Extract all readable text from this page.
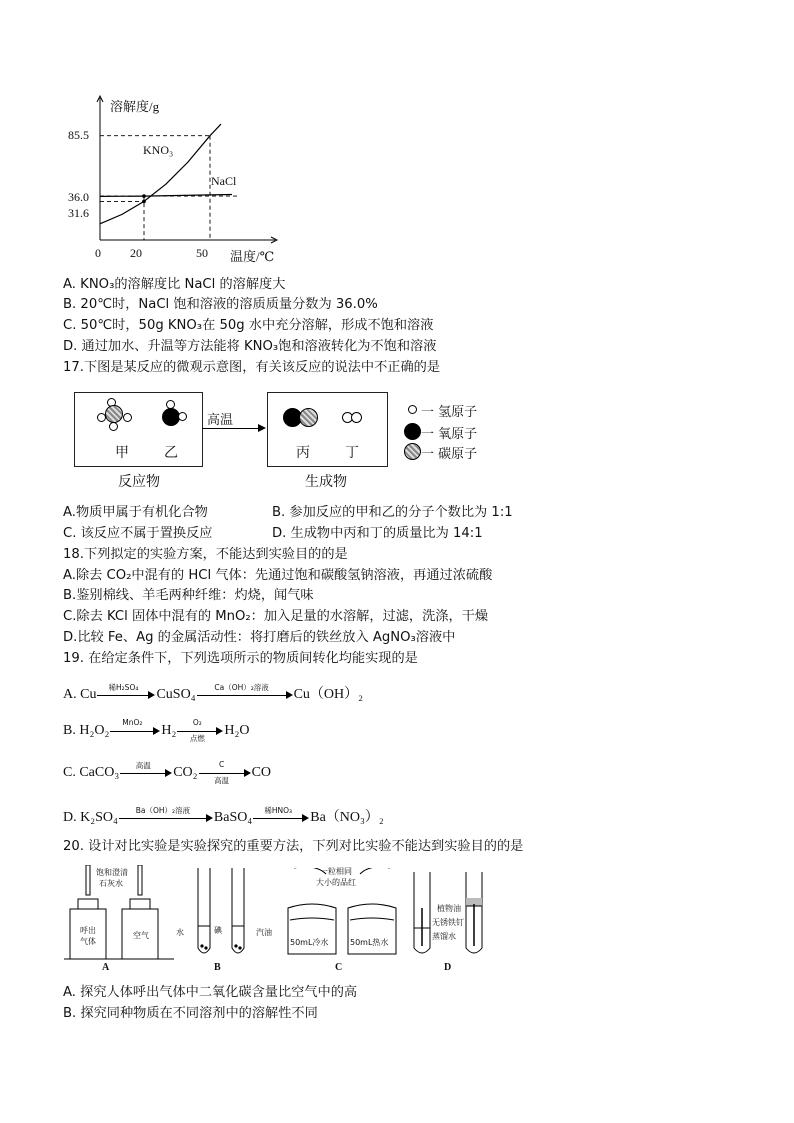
溶解度/g
温度/℃
KNO₃
NaCl
85.5
36.0
31.6
0 20	50
A. KNO₃的溶解度比 NaCl 的溶解度大
B. 20℃时，NaCl 饱和溶液的溶质质量分数为 36.0%
C. 50℃时，50g KNO₃在 50g 水中充分溶解，形成不饱和溶液
D. 通过加水、升温等方法能将 KNO₃饱和溶液转化为不饱和溶液
17.下图是某反应的微观示意图，有关该反应的说法中不正确的是
高温
甲	乙	丙	丁
反应物	生成物
一 氢原子
一 氧原子
一 碳原子
A.物质甲属于有机化合物	B. 参加反应的甲和乙的分子个数比为 1:1
C. 该反应不属于置换反应	D. 生成物中丙和丁的质量比为 14:1
18.下列拟定的实验方案，不能达到实验目的的是
A.除去 CO₂中混有的 HCl 气体：先通过饱和碳酸氢钠溶液，再通过浓硫酸
B.鉴别棉线、羊毛两种纤维：灼烧，闻气味
C.除去 KCl 固体中混有的 MnO₂：加入足量的水溶解，过滤，洗涤，干燥
D.比较 Fe、Ag 的金属活动性：将打磨后的铁丝放入 AgNO₃溶液中
19. 在给定条件下，下列选项所示的物质间转化均能实现的是
A. Cu	稀H₂SO₄	CuSO₄	Ca（OH）₂溶液	Cu（OH）₂
B. H₂O₂
MnO₂
H₂
O₂
点燃
H₂O
C. CaCO₃	高温	CO₂
C
高温
CO
D. K₂SO₄	Ba（OH）₂溶液	BaSO₄	稀HNO₃	Ba（NO₃）₂
20. 设计对比实验是实验探究的重要方法，下列对比实验不能达到实验目的的是
饱和澄清
石灰水
呼出
气体
空气
A
水	碘	汽油
B
一粒相同
大小的品红
50mL冷水	50mL热水
C
植物油
无锈铁钉
蒸馏水
D
A. 探究人体呼出气体中二氧化碳含量比空气中的高
B. 探究同种物质在不同溶剂中的溶解性不同
